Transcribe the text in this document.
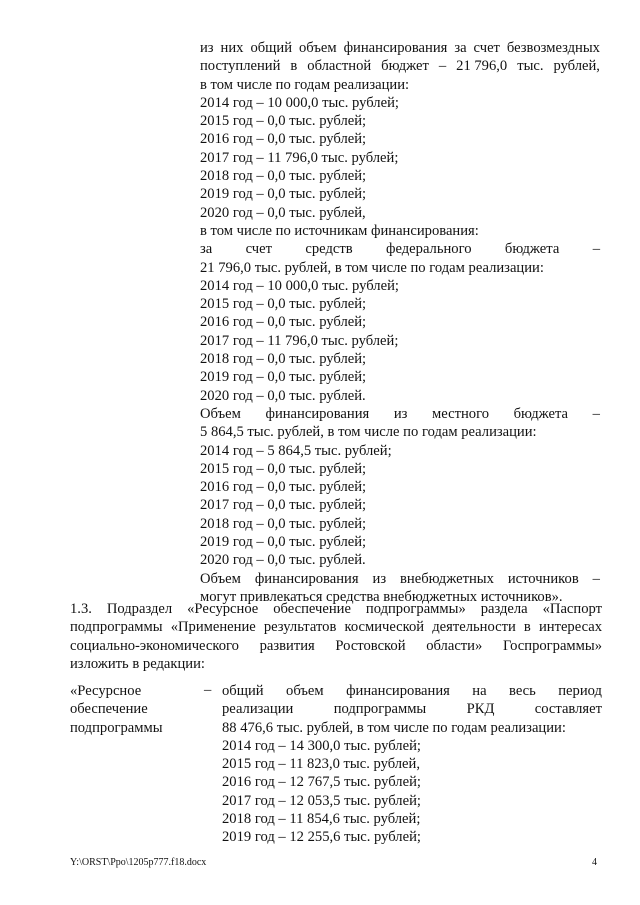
из них общий объем финансирования за счет безвозмездных
поступлений в областной бюджет – 21 796,0 тыс. рублей,
в том числе по годам реализации:
2014 год – 10 000,0 тыс. рублей;
2015 год – 0,0 тыс. рублей;
2016 год – 0,0 тыс. рублей;
2017 год – 11 796,0 тыс. рублей;
2018 год – 0,0 тыс. рублей;
2019 год – 0,0 тыс. рублей;
2020 год – 0,0 тыс. рублей,
в том числе по источникам финансирования:
за счет средств федерального бюджета –
21 796,0 тыс. рублей, в том числе по годам реализации:
2014 год – 10 000,0 тыс. рублей;
2015 год – 0,0 тыс. рублей;
2016 год – 0,0 тыс. рублей;
2017 год – 11 796,0 тыс. рублей;
2018 год – 0,0 тыс. рублей;
2019 год – 0,0 тыс. рублей;
2020 год – 0,0 тыс. рублей.
Объем финансирования из местного бюджета –
5 864,5 тыс. рублей, в том числе по годам реализации:
2014 год – 5 864,5 тыс. рублей;
2015 год – 0,0 тыс. рублей;
2016 год – 0,0 тыс. рублей;
2017 год – 0,0 тыс. рублей;
2018 год – 0,0 тыс. рублей;
2019 год – 0,0 тыс. рублей;
2020 год – 0,0 тыс. рублей.
Объем финансирования из внебюджетных источников –
могут привлекаться средства внебюджетных источников».
1.3. Подраздел «Ресурсное обеспечение подпрограммы» раздела «Паспорт
подпрограммы «Применение результатов космической деятельности в интересах
социально-экономического развития Ростовской области» Госпрограммы»
изложить в редакции:
«Ресурсное
обеспечение
подпрограммы
– общий объем финансирования на весь период
реализации	подпрограммы	РКД	составляет
88 476,6 тыс. рублей, в том числе по годам реализации:
2014 год – 14 300,0 тыс. рублей;
2015 год – 11 823,0 тыс. рублей,
2016 год – 12 767,5 тыс. рублей;
2017 год – 12 053,5 тыс. рублей;
2018 год – 11 854,6 тыс. рублей;
2019 год – 12 255,6 тыс. рублей;
Y:\ORST\Ppo\1205p777.f18.docx	4
